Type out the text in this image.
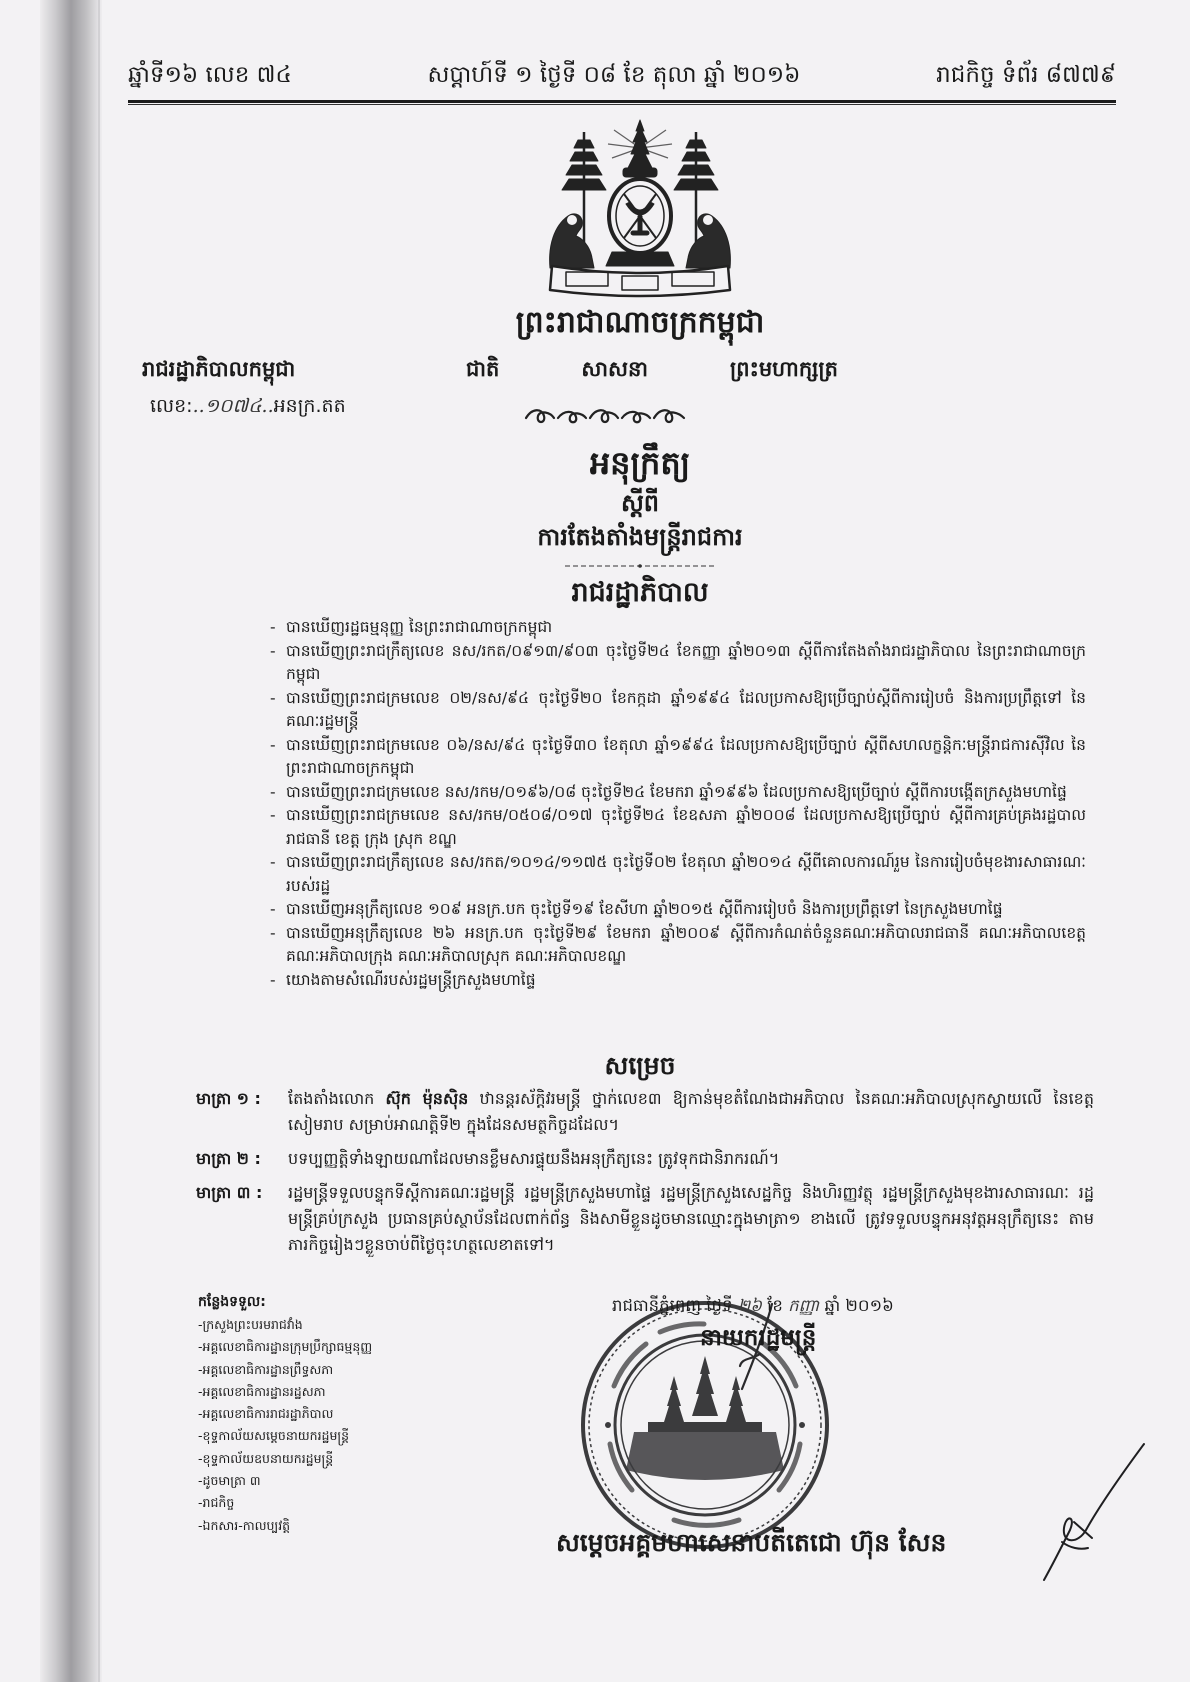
ឆ្នាំទី១៦ លេខ ៧៤	សប្តាហ៍ទី ១ ថ្ងៃទី ០៨ ខែ តុលា ឆ្នាំ ២០១៦	រាជកិច្ច ទំព័រ ៨៧៧៩
ព្រះរាជាណាចក្រកម្ពុជា
រាជរដ្ឋាភិបាលកម្ពុជា	ជាតិ	សាសនា	ព្រះមហាក្សត្រ
លេខ:..១០៧៤..អនក្រ.តត
អនុក្រឹត្យ
ស្តីពី
ការតែងតាំងមន្ត្រីរាជការ
រាជរដ្ឋាភិបាល
- បានឃើញរដ្ឋធម្មនុញ្ញ នៃព្រះរាជាណាចក្រកម្ពុជា
- បានឃើញព្រះរាជក្រឹត្យលេខ នស/រកត/០៩១៣/៩០៣ ចុះថ្ងៃទី២៤ ខែកញ្ញា ឆ្នាំ២០១៣ ស្តីពីការតែងតាំងរាជរដ្ឋាភិបាល នៃព្រះរាជាណាចក្រកម្ពុជា
- បានឃើញព្រះរាជក្រមលេខ ០២/នស/៩៤ ចុះថ្ងៃទី២០ ខែកក្កដា ឆ្នាំ១៩៩៤ ដែលប្រកាសឱ្យប្រើច្បាប់ស្តីពីការរៀបចំ និងការប្រព្រឹត្តទៅ នៃគណៈរដ្ឋមន្ត្រី
- បានឃើញព្រះរាជក្រមលេខ ០៦/នស/៩៤ ចុះថ្ងៃទី៣០ ខែតុលា ឆ្នាំ១៩៩៤ ដែលប្រកាសឱ្យប្រើច្បាប់ ស្តីពីសហលក្ខន្តិកៈមន្ត្រីរាជការស៊ីវិល នៃព្រះរាជាណាចក្រកម្ពុជា
- បានឃើញព្រះរាជក្រមលេខ នស/រកម/០១៩៦/០៨ ចុះថ្ងៃទី២៤ ខែមករា ឆ្នាំ១៩៩៦ ដែលប្រកាសឱ្យប្រើច្បាប់ ស្តីពីការបង្កើតក្រសួងមហាផ្ទៃ
- បានឃើញព្រះរាជក្រមលេខ នស/រកម/០៥០៨/០១៧ ចុះថ្ងៃទី២៤ ខែឧសភា ឆ្នាំ២០០៨ ដែលប្រកាសឱ្យប្រើច្បាប់ ស្តីពីការគ្រប់គ្រងរដ្ឋបាលរាជធានី ខេត្ត ក្រុង ស្រុក ខណ្ឌ
- បានឃើញព្រះរាជក្រឹត្យលេខ នស/រកត/១០១៤/១១៧៥ ចុះថ្ងៃទី០២ ខែតុលា ឆ្នាំ២០១៤ ស្តីពីគោលការណ៍រួម នៃការរៀបចំមុខងារសាធារណៈរបស់រដ្ឋ
- បានឃើញអនុក្រឹត្យលេខ ១០៩ អនក្រ.បក ចុះថ្ងៃទី១៩ ខែសីហា ឆ្នាំ២០១៥ ស្តីពីការរៀបចំ និងការប្រព្រឹត្តទៅ នៃក្រសួងមហាផ្ទៃ
- បានឃើញអនុក្រឹត្យលេខ ២៦ អនក្រ.បក ចុះថ្ងៃទី២៩ ខែមករា ឆ្នាំ២០០៩ ស្តីពីការកំណត់ចំនួនគណៈអភិបាលរាជធានី គណៈអភិបាលខេត្ត គណៈអភិបាលក្រុង គណៈអភិបាលស្រុក គណៈអភិបាលខណ្ឌ
- យោងតាមសំណើរបស់រដ្ឋមន្ត្រីក្រសួងមហាផ្ទៃ
សម្រេច
មាត្រា ១ :	តែងតាំងលោក ស៊ុក ម៉ុនស៊ិន ឋានន្តរស័ក្តិវរមន្ត្រី ថ្នាក់លេខ៣ ឱ្យកាន់មុខតំណែងជាអភិបាល នៃគណៈអភិបាលស្រុកស្វាយលើ នៃខេត្តសៀមរាប សម្រាប់អាណត្តិទី២ ក្នុងដែនសមត្ថកិច្ចដដែល។
មាត្រា ២ :	បទប្បញ្ញត្តិទាំងឡាយណាដែលមានខ្លឹមសារផ្ទុយនឹងអនុក្រឹត្យនេះ ត្រូវទុកជានិរាករណ៍។
មាត្រា ៣ :	រដ្ឋមន្ត្រីទទួលបន្ទុកទីស្តីការគណៈរដ្ឋមន្ត្រី រដ្ឋមន្ត្រីក្រសួងមហាផ្ទៃ រដ្ឋមន្ត្រីក្រសួងសេដ្ឋកិច្ច និងហិរញ្ញវត្ថុ រដ្ឋមន្ត្រីក្រសួងមុខងារសាធារណៈ រដ្ឋមន្ត្រីគ្រប់ក្រសួង ប្រធានគ្រប់ស្ថាប័នដែលពាក់ព័ន្ធ និងសាមីខ្លួនដូចមានឈ្មោះក្នុងមាត្រា១ ខាងលើ ត្រូវទទួលបន្ទុកអនុវត្តអនុក្រឹត្យនេះ តាមភារកិច្ចរៀងៗខ្លួនចាប់ពីថ្ងៃចុះហត្ថលេខាតទៅ។
កន្លែងទទួល:
- ក្រសួងព្រះបរមរាជវាំង
- អគ្គលេខាធិការដ្ឋានក្រុមប្រឹក្សាធម្មនុញ្ញ
- អគ្គលេខាធិការដ្ឋានព្រឹទ្ធសភា
- អគ្គលេខាធិការដ្ឋានរដ្ឋសភា
- អគ្គលេខាធិការរាជរដ្ឋាភិបាល
- ខុទ្ទកាល័យសម្តេចនាយករដ្ឋមន្ត្រី
- ខុទ្ទកាល័យឧបនាយករដ្ឋមន្ត្រី
- ដូចមាត្រា ៣
- រាជកិច្ច
- ឯកសារ-កាលប្បវត្តិ
រាជធានីភ្នំពេញ ថ្ងៃទី ២៦ ខែ កញ្ញា ឆ្នាំ ២០១៦
នាយករដ្ឋមន្ត្រី
សម្តេចអគ្គមហាសេនាបតីតេជោ ហ៊ុន សែន
